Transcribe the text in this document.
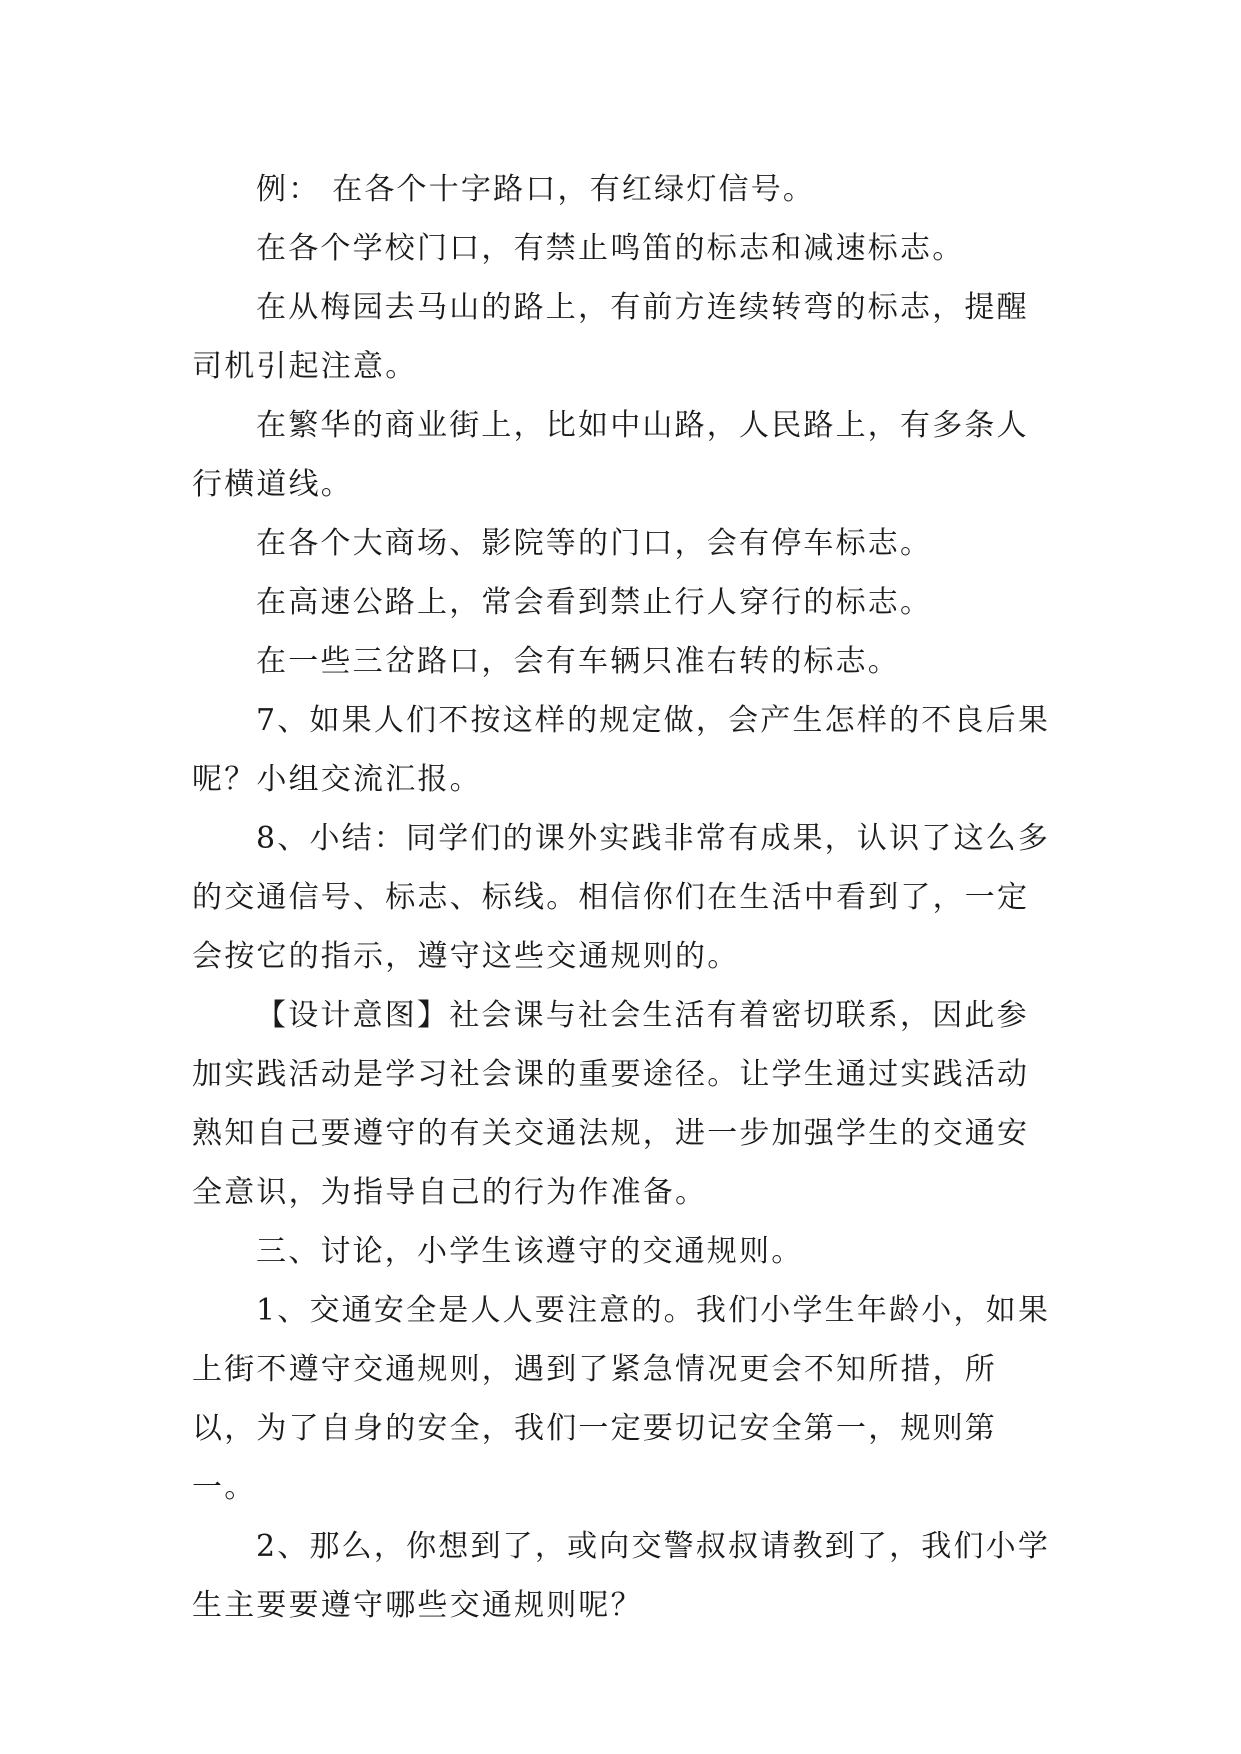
例： 在各个十字路口，有红绿灯信号。

在各个学校门口，有禁止鸣笛的标志和减速标志。

在从梅园去马山的路上，有前方连续转弯的标志，提醒司机引起注意。

在繁华的商业街上，比如中山路，人民路上，有多条人行横道线。

在各个大商场、影院等的门口，会有停车标志。

在高速公路上，常会看到禁止行人穿行的标志。

在一些三岔路口，会有车辆只准右转的标志。

7、如果人们不按这样的规定做，会产生怎样的不良后果呢？小组交流汇报。

8、小结：同学们的课外实践非常有成果，认识了这么多的交通信号、标志、标线。相信你们在生活中看到了，一定会按它的指示，遵守这些交通规则的。

【设计意图】社会课与社会生活有着密切联系，因此参加实践活动是学习社会课的重要途径。让学生通过实践活动熟知自己要遵守的有关交通法规，进一步加强学生的交通安全意识，为指导自己的行为作准备。

三、讨论，小学生该遵守的交通规则。

1、交通安全是人人要注意的。我们小学生年龄小，如果上街不遵守交通规则，遇到了紧急情况更会不知所措，所以，为了自身的安全，我们一定要切记安全第一，规则第一。

2、那么，你想到了，或向交警叔叔请教到了，我们小学生主要要遵守哪些交通规则呢？
